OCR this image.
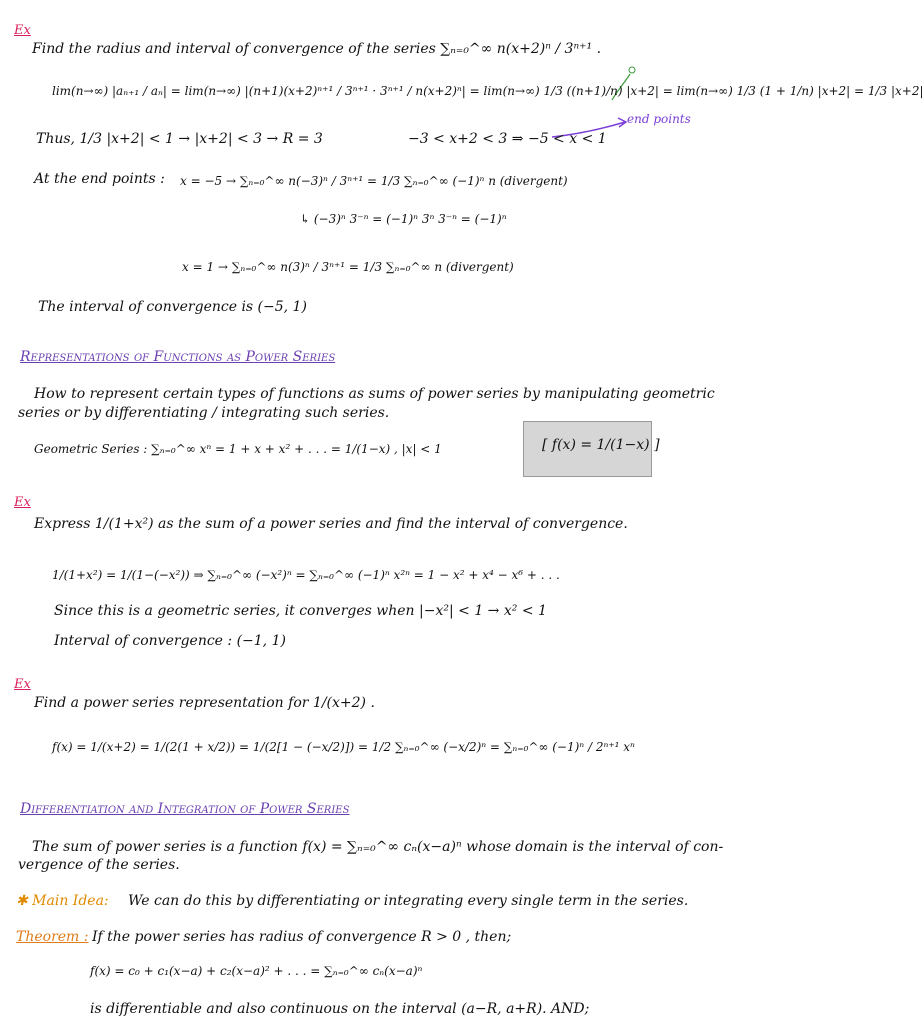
Ex
Find the radius and interval of convergence of the series ∑ₙ₌₀^∞ n(x+2)ⁿ / 3ⁿ⁺¹ .
lim(n→∞) |aₙ₊₁ / aₙ| = lim(n→∞) |(n+1)(x+2)ⁿ⁺¹ / 3ⁿ⁺¹ · 3ⁿ⁺¹ / n(x+2)ⁿ| = lim(n→∞) 1/3 ((n+1)/n) |x+2| = lim(n→∞) 1/3 (1 + 1/n) |x+2| = 1/3 |x+2|
end points
Thus, 1/3 |x+2| < 1 → |x+2| < 3 → R = 3	−3 < x+2 < 3 ⇒ −5 < x < 1
At the end points : x = −5 → ∑ₙ₌₀^∞ n(−3)ⁿ / 3ⁿ⁺¹ = 1/3 ∑ₙ₌₀^∞ (−1)ⁿ n (divergent)
↳ (−3)ⁿ 3⁻ⁿ = (−1)ⁿ 3ⁿ 3⁻ⁿ = (−1)ⁿ
x = 1 → ∑ₙ₌₀^∞ n(3)ⁿ / 3ⁿ⁺¹ = 1/3 ∑ₙ₌₀^∞ n (divergent)
The interval of convergence is (−5, 1)
Representations of Functions as Power Series
How to represent certain types of functions as sums of power series by manipulating geometric
series or by differentiating / integrating such series.
Geometric Series : ∑ₙ₌₀^∞ xⁿ = 1 + x + x² + . . . = 1/(1−x) , |x| < 1	[ f(x) = 1/(1−x) ]
Ex
Express 1/(1+x²) as the sum of a power series and find the interval of convergence.
1/(1+x²) = 1/(1−(−x²)) ⇒ ∑ₙ₌₀^∞ (−x²)ⁿ = ∑ₙ₌₀^∞ (−1)ⁿ x²ⁿ = 1 − x² + x⁴ − x⁶ + . . .
Since this is a geometric series, it converges when |−x²| < 1 → x² < 1
Interval of convergence : (−1, 1)
Ex
Find a power series representation for 1/(x+2) .
f(x) = 1/(x+2) = 1/(2(1 + x/2)) = 1/(2[1 − (−x/2)]) = 1/2 ∑ₙ₌₀^∞ (−x/2)ⁿ = ∑ₙ₌₀^∞ (−1)ⁿ / 2ⁿ⁺¹ xⁿ
Differentiation and Integration of Power Series
The sum of power series is a function f(x) = ∑ₙ₌₀^∞ cₙ(x−a)ⁿ whose domain is the interval of con-
vergence of the series.
✱ Main Idea: We can do this by differentiating or integrating every single term in the series.
Theorem : If the power series has radius of convergence R > 0 , then;
f(x) = c₀ + c₁(x−a) + c₂(x−a)² + . . . = ∑ₙ₌₀^∞ cₙ(x−a)ⁿ
is differentiable and also continuous on the interval (a−R, a+R). AND;
